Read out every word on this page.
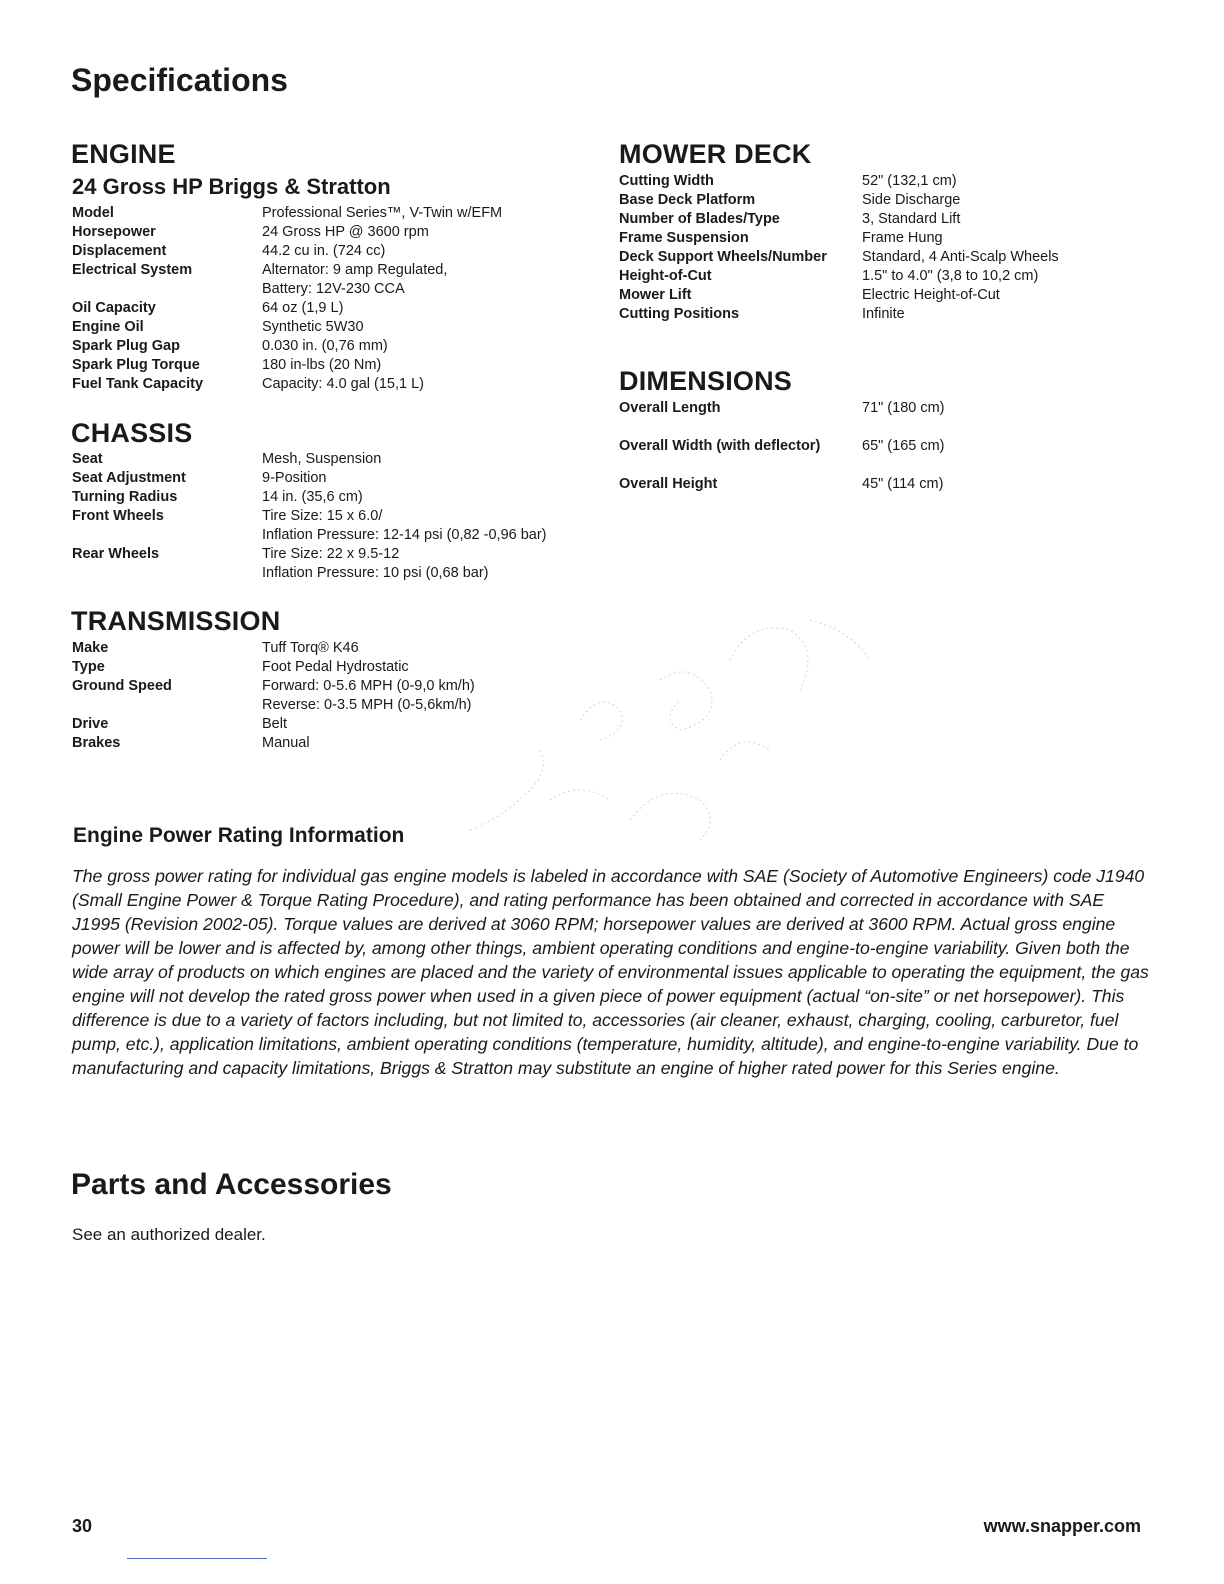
Specifications
ENGINE
24 Gross HP Briggs & Stratton
Model	Professional Series™, V-Twin w/EFM
Horsepower	24 Gross HP @ 3600 rpm
Displacement	44.2 cu in. (724 cc)
Electrical System	Alternator: 9 amp Regulated,
Battery: 12V-230 CCA
Oil Capacity	64 oz (1,9 L)
Engine Oil	Synthetic 5W30
Spark Plug Gap	0.030 in. (0,76 mm)
Spark Plug Torque	180 in-lbs (20 Nm)
Fuel Tank Capacity	Capacity: 4.0 gal (15,1 L)
CHASSIS
Seat	Mesh, Suspension
Seat Adjustment	9-Position
Turning Radius	14 in. (35,6 cm)
Front Wheels	Tire Size: 15 x 6.0/
Inflation Pressure: 12-14 psi (0,82 -0,96 bar)
Rear Wheels	Tire Size: 22 x 9.5-12
Inflation Pressure: 10 psi (0,68 bar)
TRANSMISSION
Make	Tuff Torq® K46
Type	Foot Pedal Hydrostatic
Ground Speed	Forward: 0-5.6 MPH (0-9,0 km/h)
Reverse: 0-3.5 MPH (0-5,6km/h)
Drive	Belt
Brakes	Manual
MOWER DECK
Cutting Width	52" (132,1 cm)
Base Deck Platform	Side Discharge
Number of Blades/Type	3, Standard Lift
Frame Suspension	Frame Hung
Deck Support Wheels/Number	Standard, 4 Anti-Scalp Wheels
Height-of-Cut	1.5" to 4.0" (3,8 to 10,2 cm)
Mower Lift	Electric Height-of-Cut
Cutting Positions	Infinite
DIMENSIONS
Overall Length	71" (180 cm)
Overall Width (with deflector)	65" (165 cm)
Overall Height	45" (114 cm)
Engine Power Rating Information

The gross power rating for individual gas engine models is labeled in accordance with SAE (Society of Automotive Engineers) code J1940 (Small Engine Power & Torque Rating Procedure), and rating performance has been obtained and corrected in accordance with SAE J1995 (Revision 2002-05). Torque values are derived at 3060 RPM; horsepower values are derived at 3600 RPM. Actual gross engine power will be lower and is affected by, among other things, ambient operating conditions and engine-to-engine variability. Given both the wide array of products on which engines are placed and the variety of environmental issues applicable to operating the equipment, the gas engine will not develop the rated gross power when used in a given piece of power equipment (actual “on-site” or net horsepower). This difference is due to a variety of factors including, but not limited to, accessories (air cleaner, exhaust, charging, cooling, carburetor, fuel pump, etc.), application limitations, ambient operating conditions (temperature, humidity, altitude), and engine-to-engine variability. Due to manufacturing and capacity limitations, Briggs & Stratton may substitute an engine of higher rated power for this Series engine.

Parts and Accessories

See an authorized dealer.

30	www.snapper.com
